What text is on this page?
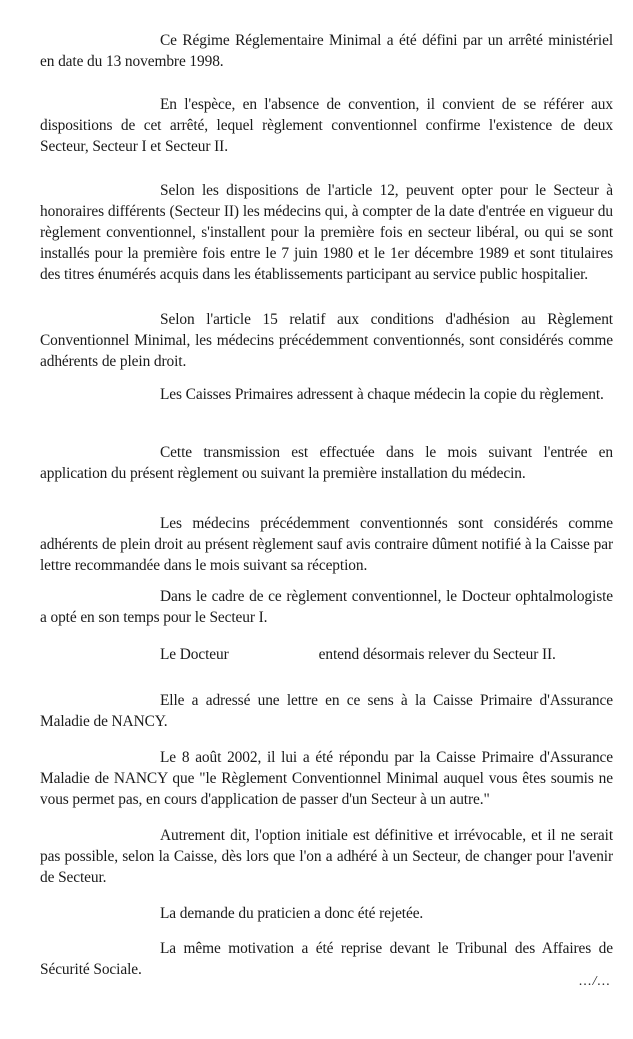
Ce Régime Réglementaire Minimal a été défini par un arrêté ministériel en date du 13 novembre 1998.

En l'espèce, en l'absence de convention, il convient de se référer aux dispositions de cet arrêté, lequel règlement conventionnel confirme l'existence de deux Secteur, Secteur I et Secteur II.

Selon les dispositions de l'article 12, peuvent opter pour le Secteur à honoraires différents (Secteur II) les médecins qui, à compter de la date d'entrée en vigueur du règlement conventionnel, s'installent pour la première fois en secteur libéral, ou qui se sont installés pour la première fois entre le 7 juin 1980 et le 1er décembre 1989 et sont titulaires des titres énumérés acquis dans les établissements participant au service public hospitalier.

Selon l'article 15 relatif aux conditions d'adhésion au Règlement Conventionnel Minimal, les médecins précédemment conventionnés, sont considérés comme adhérents de plein droit.

Les Caisses Primaires adressent à chaque médecin la copie du règlement.

Cette transmission est effectuée dans le mois suivant l'entrée en application du présent règlement ou suivant la première installation du médecin.

Les médecins précédemment conventionnés sont considérés comme adhérents de plein droit au présent règlement sauf avis contraire dûment notifié à la Caisse par lettre recommandée dans le mois suivant sa réception.

Dans le cadre de ce règlement conventionnel, le Docteur ophtalmologiste a opté en son temps pour le Secteur I.

Le Docteur	entend désormais relever du Secteur II.

Elle a adressé une lettre en ce sens à la Caisse Primaire d'Assurance Maladie de NANCY.

Le 8 août 2002, il lui a été répondu par la Caisse Primaire d'Assurance Maladie de NANCY que "le Règlement Conventionnel Minimal auquel vous êtes soumis ne vous permet pas, en cours d'application de passer d'un Secteur à un autre."

Autrement dit, l'option initiale est définitive et irrévocable, et il ne serait pas possible, selon la Caisse, dès lors que l'on a adhéré à un Secteur, de changer pour l'avenir de Secteur.

La demande du praticien a donc été rejetée.

La même motivation a été reprise devant le Tribunal des Affaires de Sécurité Sociale.

.../...
